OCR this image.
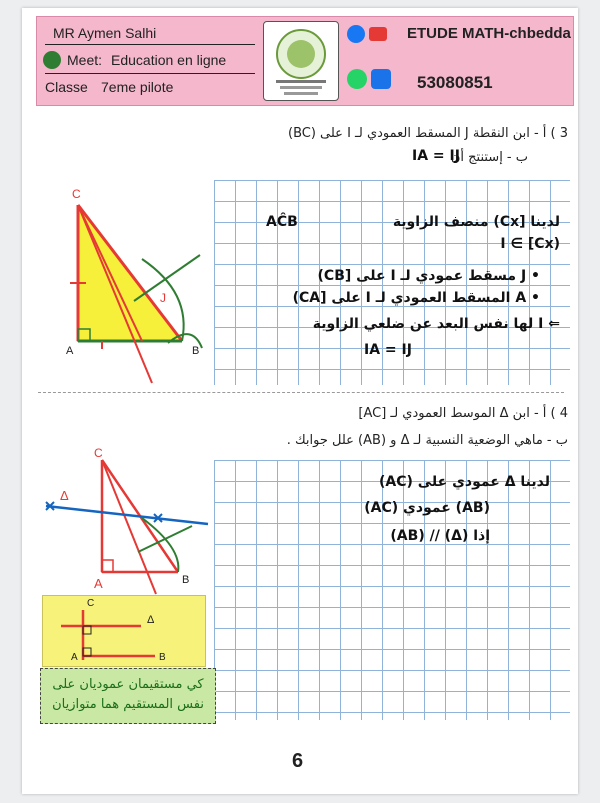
MR Aymen Salhi
Meet: Education en ligne
Classe 7eme pilote
ETUDE MATH-chbedda
53080851
3 ) أ - ابن النقطة J المسقط العمودي لـ I على (BC)
ب - إستنتج أن
IA = IJ
C
A	B
J
AĈB	لدينا [Cx) منصف الزاوية
I ∈ [Cx)
• J مسقط عمودي لـ I على [CB)
• A المسقط العمودي لـ I على [CA)
⇐ I لها نفس البعد عن ضلعي الزاوية
IA = IJ
4 ) أ - ابن Δ الموسط العمودي لـ [AC]
ب - ماهي الوضعية النسبية لـ Δ و (AB) علل جوابك .
C
A	B
Δ
لدينا Δ عمودي على (AC)
(AB) عمودي (AC)
إذا (Δ) // (AB)
C
Δ
A	B
كي مستقيمان عموديان على نفس المستقيم هما متوازيان
6
